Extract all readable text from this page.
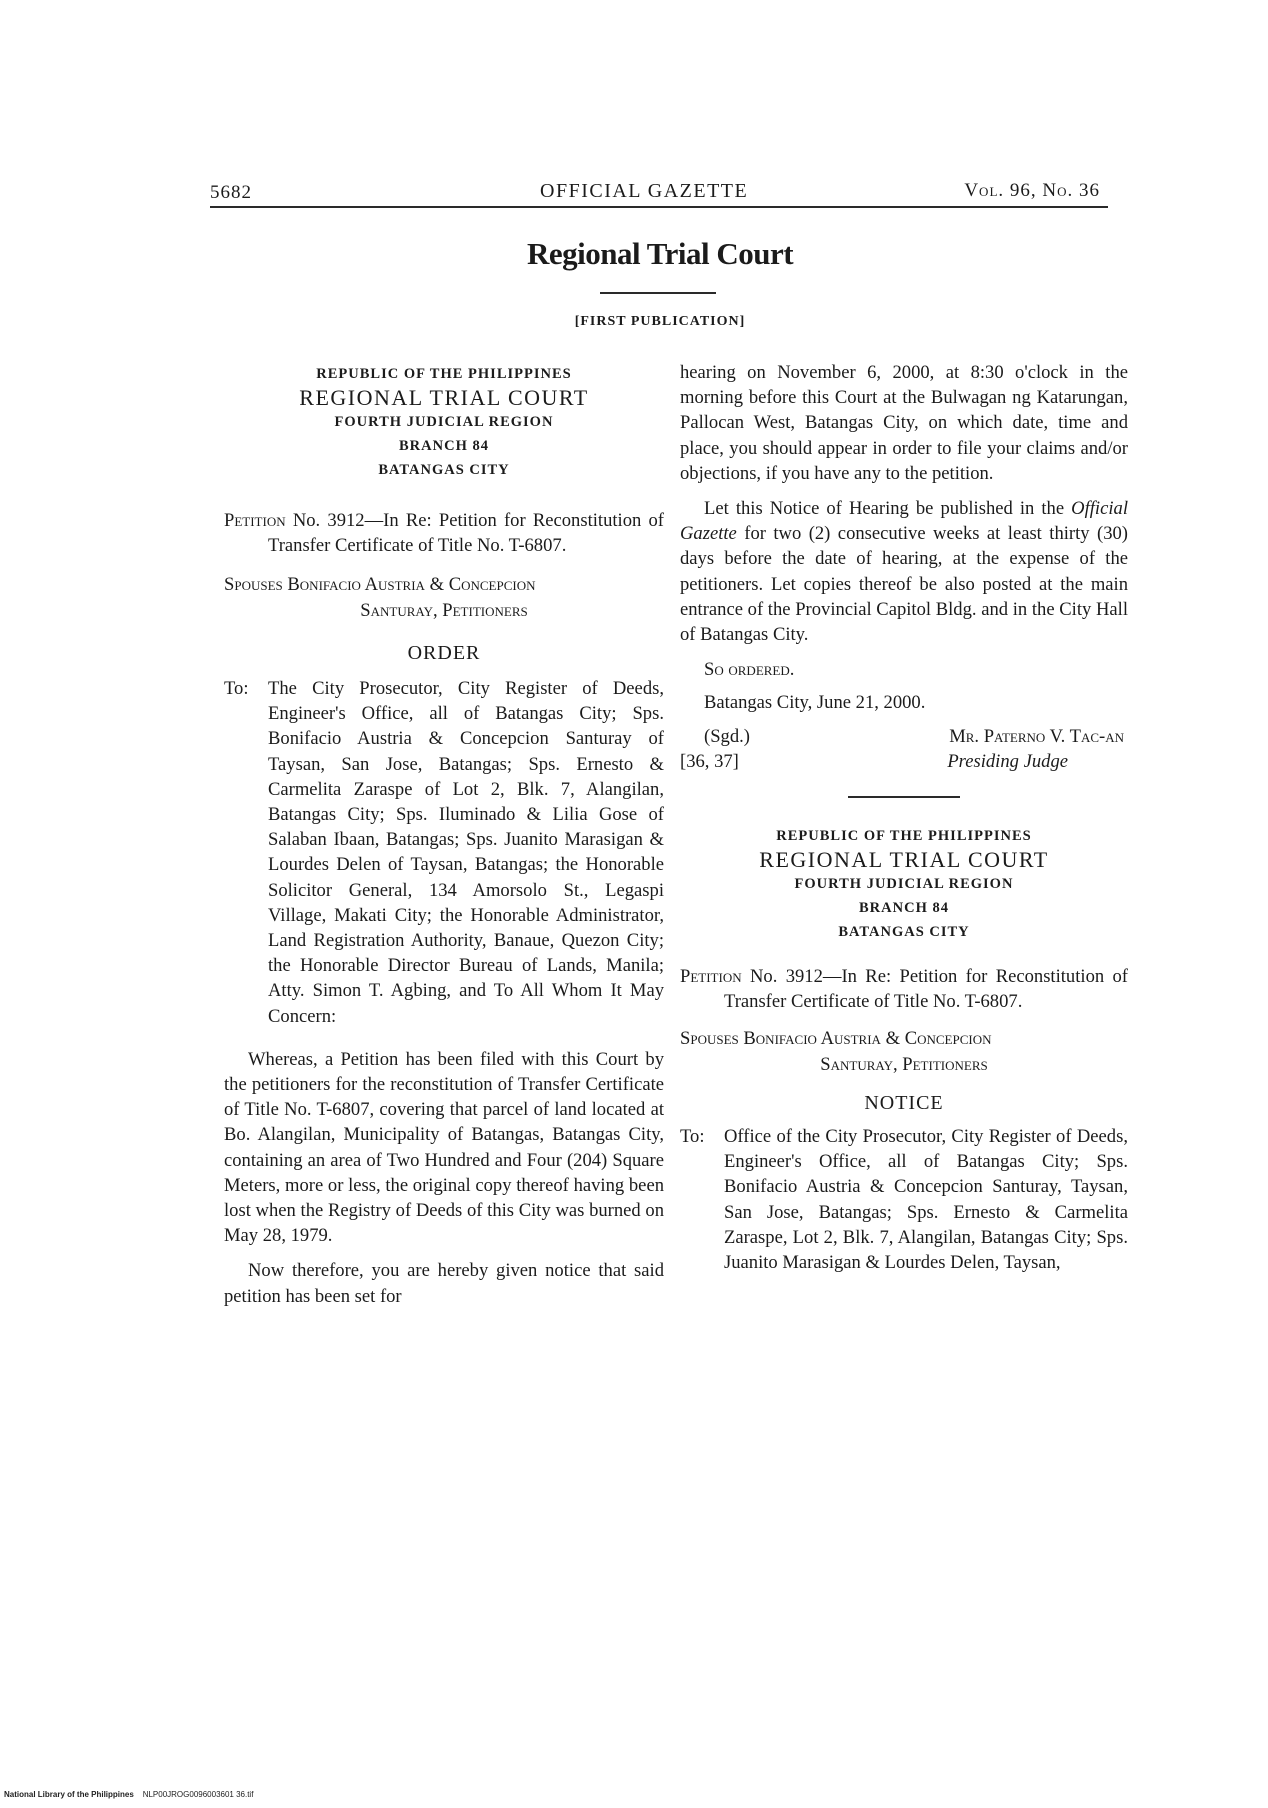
5682	OFFICIAL GAZETTE	Vol. 96, No. 36
Regional Trial Court
[FIRST PUBLICATION]
REPUBLIC OF THE PHILIPPINES
REGIONAL TRIAL COURT
FOURTH JUDICIAL REGION
BRANCH 84
BATANGAS CITY

Petition No. 3912—In Re: Petition for Reconstitution of Transfer Certificate of Title No. T-6807.

Spouses Bonifacio Austria & Concepcion

Santuray, Petitioners

ORDER
To:	The City Prosecutor, City Register of Deeds, Engineer's Office, all of Batangas City; Sps. Bonifacio Austria & Concepcion Santuray of Taysan, San Jose, Batangas; Sps. Ernesto & Carmelita Zaraspe of Lot 2, Blk. 7, Alangilan, Batangas City; Sps. Iluminado & Lilia Gose of Salaban Ibaan, Batangas; Sps. Juanito Marasigan & Lourdes Delen of Taysan, Batangas; the Honorable Solicitor General, 134 Amorsolo St., Legaspi Village, Makati City; the Honorable Administrator, Land Registration Authority, Banaue, Quezon City; the Honorable Director Bureau of Lands, Manila; Atty. Simon T. Agbing, and To All Whom It May Concern:

Whereas, a Petition has been filed with this Court by the petitioners for the reconstitution of Transfer Certificate of Title No. T-6807, covering that parcel of land located at Bo. Alangilan, Municipality of Batangas, Batangas City, containing an area of Two Hundred and Four (204) Square Meters, more or less, the original copy thereof having been lost when the Registry of Deeds of this City was burned on May 28, 1979.

Now therefore, you are hereby given notice that said petition has been set for

hearing on November 6, 2000, at 8:30 o'clock in the morning before this Court at the Bulwagan ng Katarungan, Pallocan West, Batangas City, on which date, time and place, you should appear in order to file your claims and/or objections, if you have any to the petition.

Let this Notice of Hearing be published in the Official Gazette for two (2) consecutive weeks at least thirty (30) days before the date of hearing, at the expense of the petitioners. Let copies thereof be also posted at the main entrance of the Provincial Capitol Bldg. and in the City Hall of Batangas City.

So ordered.

Batangas City, June 21, 2000.

(Sgd.)	Mr. Paterno V. Tac-an
[36, 37]	Presiding Judge
REPUBLIC OF THE PHILIPPINES
REGIONAL TRIAL COURT
FOURTH JUDICIAL REGION
BRANCH 84
BATANGAS CITY

Petition No. 3912—In Re: Petition for Reconstitution of Transfer Certificate of Title No. T-6807.

Spouses Bonifacio Austria & Concepcion

Santuray, Petitioners

NOTICE
To:	Office of the City Prosecutor, City Register of Deeds, Engineer's Office, all of Batangas City; Sps. Bonifacio Austria & Concepcion Santuray, Taysan, San Jose, Batangas; Sps. Ernesto & Carmelita Zaraspe, Lot 2, Blk. 7, Alangilan, Batangas City; Sps. Juanito Marasigan & Lourdes Delen, Taysan,
National Library of the Philippines NLP00JROG0096003601 36.tif
